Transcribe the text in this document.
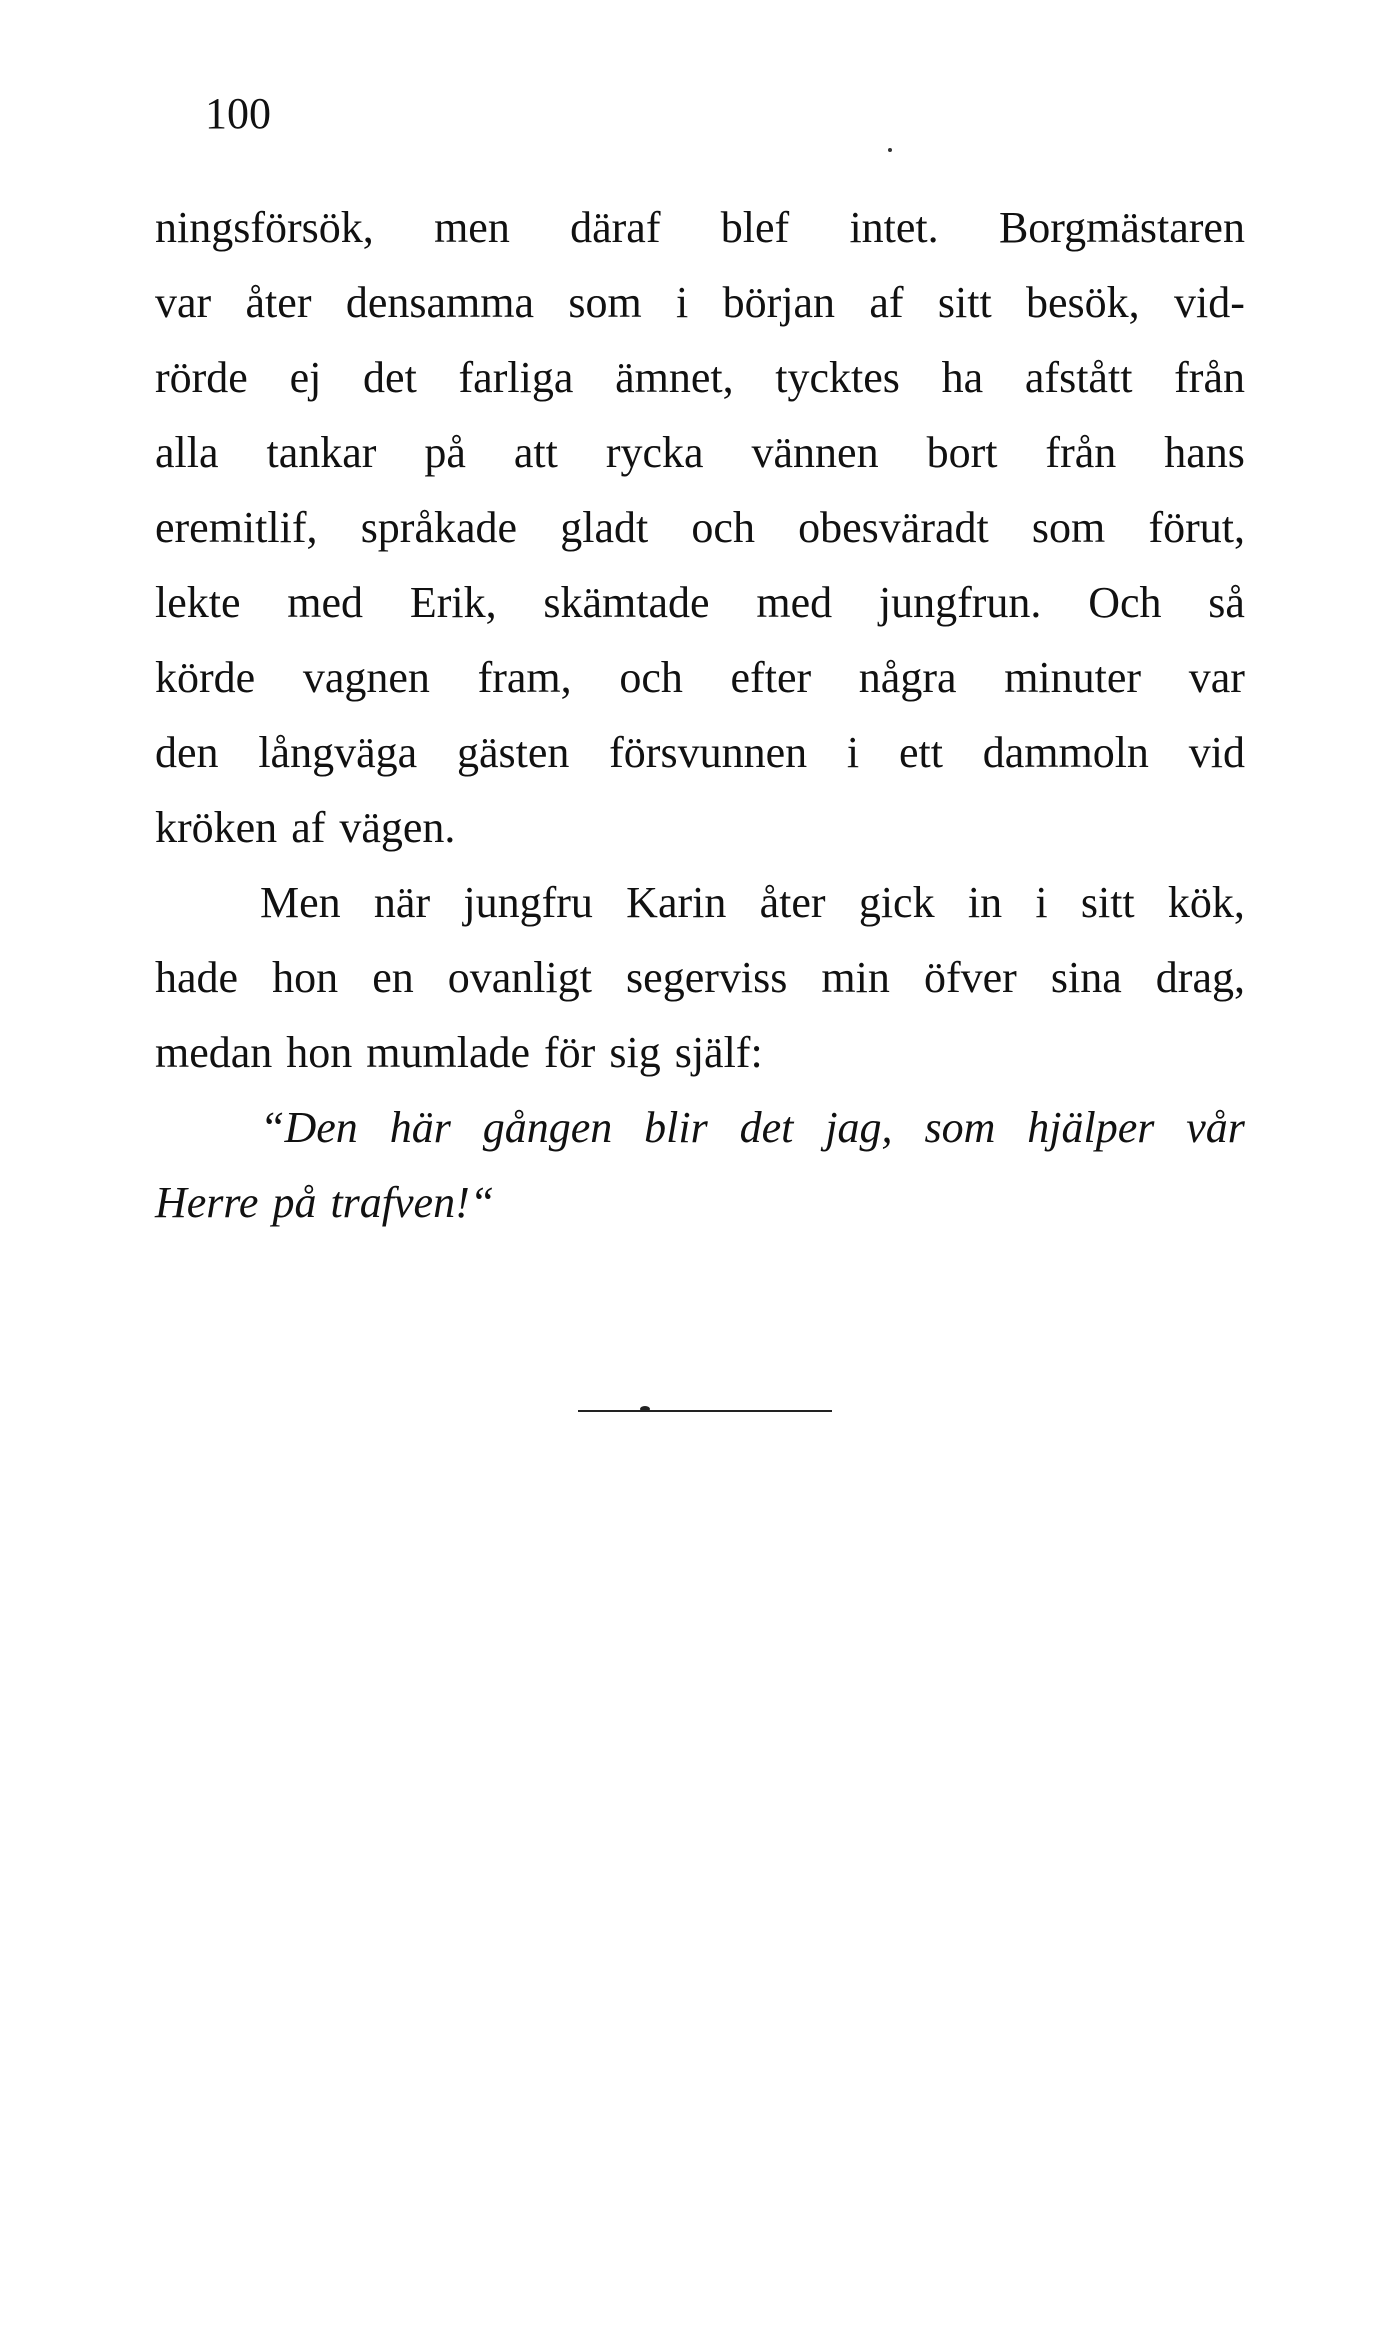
100
ningsförsök, men däraf blef intet. Borgmästaren
var åter densamma som i början af sitt besök, vid-
rörde ej det farliga ämnet, tycktes ha afstått från
alla tankar på att rycka vännen bort från hans
eremitlif, språkade gladt och obesväradt som förut,
lekte med Erik, skämtade med jungfrun. Och så
körde vagnen fram, och efter några minuter var
den långväga gästen försvunnen i ett dammoln vid
kröken af vägen.
Men när jungfru Karin åter gick in i sitt kök,
hade hon en ovanligt segerviss min öfver sina drag,
medan hon mumlade för sig själf:
“Den här gången blir det jag, som hjälper vår
Herre på trafven!“
